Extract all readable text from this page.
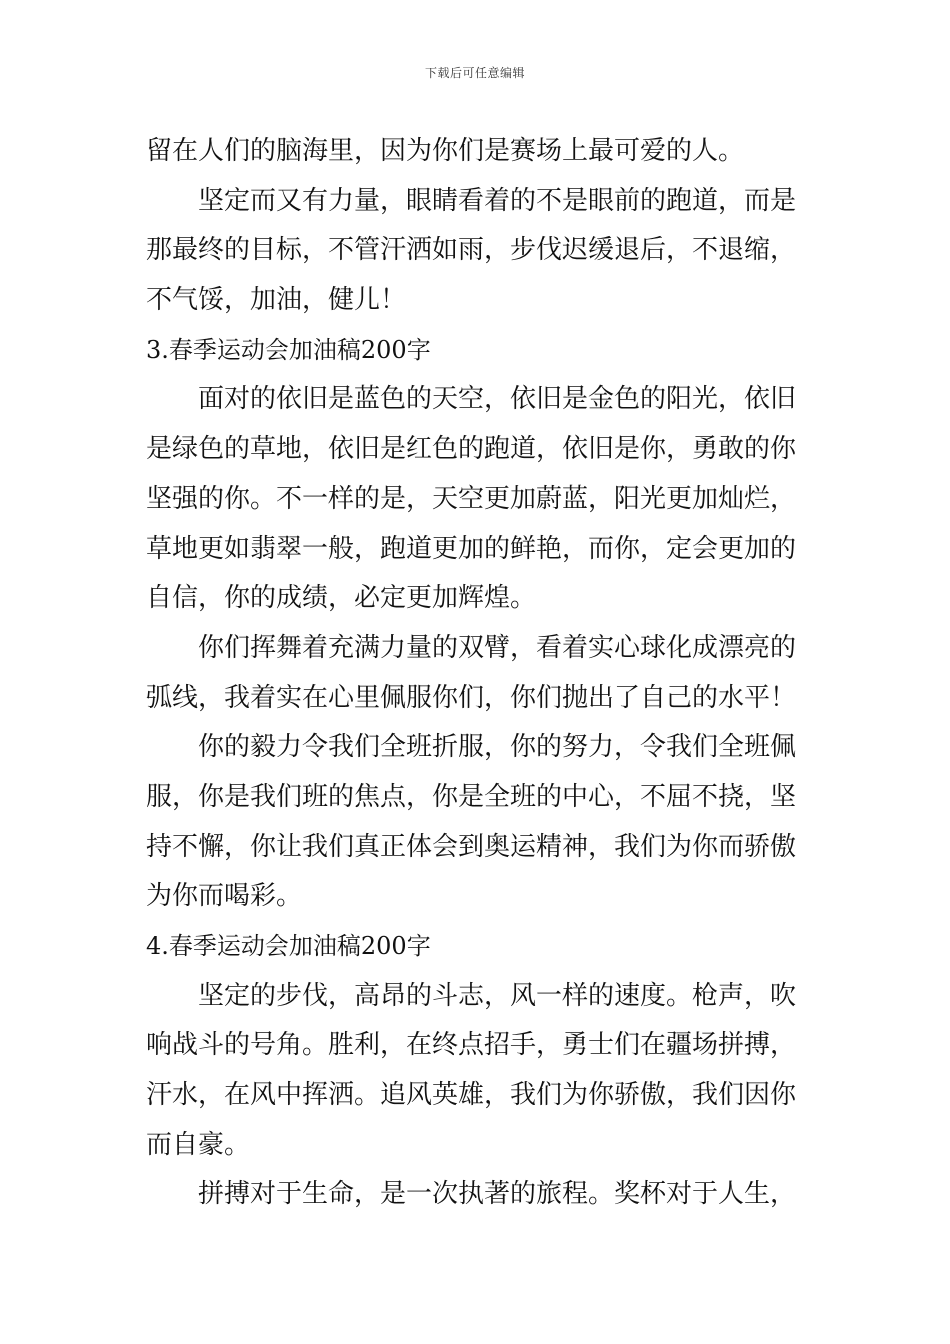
下载后可任意编辑
留在人们的脑海里，因为你们是赛场上最可爱的人。
坚定而又有力量，眼睛看着的不是眼前的跑道，而是
那最终的目标，不管汗洒如雨，步伐迟缓退后，不退缩，
不气馁，加油，健儿！
3.春季运动会加油稿200字
面对的依旧是蓝色的天空，依旧是金色的阳光，依旧
是绿色的草地，依旧是红色的跑道，依旧是你，勇敢的你
坚强的你。不一样的是，天空更加蔚蓝，阳光更加灿烂，
草地更如翡翠一般，跑道更加的鲜艳，而你，定会更加的
自信，你的成绩，必定更加辉煌。
你们挥舞着充满力量的双臂，看着实心球化成漂亮的
弧线，我着实在心里佩服你们，你们抛出了自己的水平！
你的毅力令我们全班折服，你的努力，令我们全班佩
服，你是我们班的焦点，你是全班的中心，不屈不挠，坚
持不懈，你让我们真正体会到奥运精神，我们为你而骄傲
为你而喝彩。
4.春季运动会加油稿200字
坚定的步伐，高昂的斗志，风一样的速度。枪声，吹
响战斗的号角。胜利，在终点招手，勇士们在疆场拼搏，
汗水，在风中挥洒。追风英雄，我们为你骄傲，我们因你
而自豪。
拼搏对于生命，是一次执著的旅程。奖杯对于人生，
